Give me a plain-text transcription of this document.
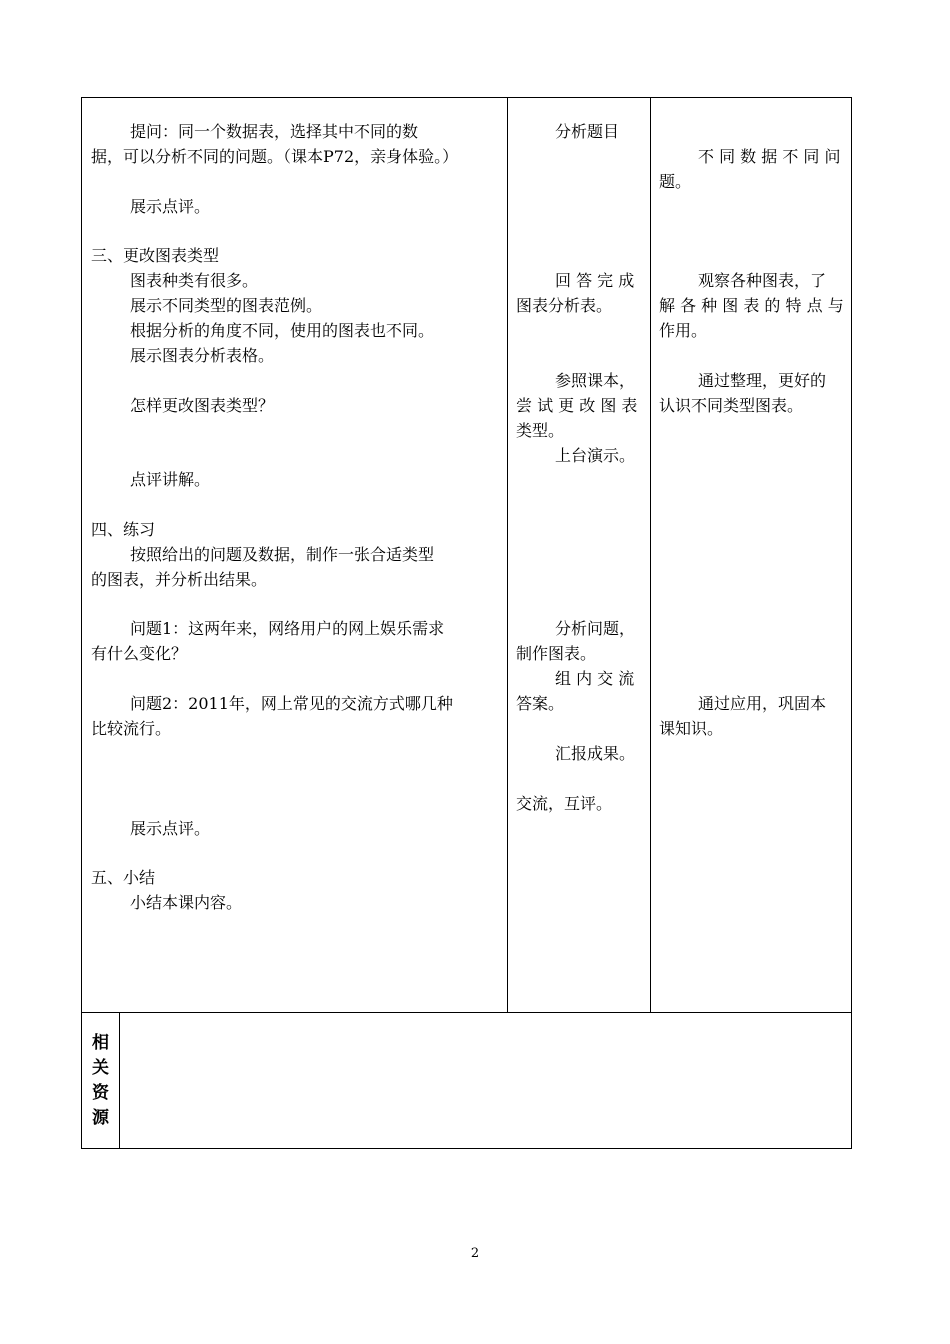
提问：同一个数据表，选择其中不同的数
据，可以分析不同的问题。（课本P72，亲身体验。）
展示点评。
三、更改图表类型
图表种类有很多。
展示不同类型的图表范例。
根据分析的角度不同，使用的图表也不同。
展示图表分析表格。
怎样更改图表类型？
点评讲解。
四、练习
按照给出的问题及数据，制作一张合适类型
的图表，并分析出结果。
问题1：这两年来，网络用户的网上娱乐需求
有什么变化？
问题2：2011年，网上常见的交流方式哪几种
比较流行。
展示点评。
五、小结
小结本课内容。
分析题目
回 答 完 成
图表分析表。
参照课本，
尝 试 更 改 图 表
类型。
上台演示。
分析问题，
制作图表。
组 内 交 流
答案。
汇报成果。
交流，互评。
不 同 数 据 不 同 问
题。
观察各种图表，了
解 各 种 图 表 的 特 点 与
作用。
通过整理，更好的
认识不同类型图表。
通过应用，巩固本
课知识。
相
关
资
源
2
